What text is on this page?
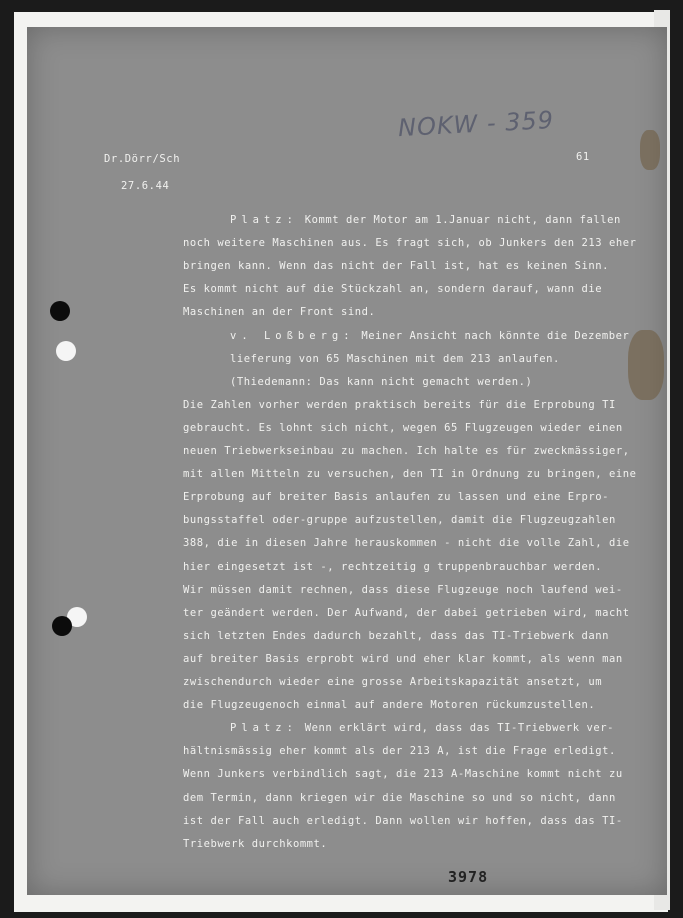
NOKW - 359
Dr.Dörr/Sch
27.6.44
61
Platz: Kommt der Motor am 1.Januar nicht, dann fallen
noch weitere Maschinen aus. Es fragt sich, ob Junkers den 213 eher
bringen kann. Wenn das nicht der Fall ist, hat es keinen Sinn.
Es kommt nicht auf die Stückzahl an, sondern darauf, wann die
Maschinen an der Front sind.
v. Loßberg: Meiner Ansicht nach könnte die Dezember
lieferung von 65 Maschinen mit dem 213 anlaufen.
(Thiedemann: Das kann nicht gemacht werden.)
Die Zahlen vorher werden praktisch bereits für die Erprobung TI
gebraucht. Es lohnt sich nicht, wegen 65 Flugzeugen wieder einen
neuen Triebwerkseinbau zu machen. Ich halte es für zweckmässiger,
mit allen Mitteln zu versuchen, den TI in Ordnung zu bringen, eine
Erprobung auf breiter Basis anlaufen zu lassen und eine Erpro-
bungsstaffel oder-gruppe aufzustellen, damit die Flugzeugzahlen
388, die in diesen Jahre herauskommen - nicht die volle Zahl, die
hier eingesetzt ist -, rechtzeitig g truppenbrauchbar werden.
Wir müssen damit rechnen, dass diese Flugzeuge noch laufend wei-
ter geändert werden. Der Aufwand, der dabei getrieben wird, macht
sich letzten Endes dadurch bezahlt, dass das TI-Triebwerk dann
auf breiter Basis erprobt wird und eher klar kommt, als wenn man
zwischendurch wieder eine grosse Arbeitskapazität ansetzt, um
die Flugzeugenoch einmal auf andere Motoren rückumzustellen.
Platz: Wenn erklärt wird, dass das TI-Triebwerk ver-
hältnismässig eher kommt als der 213 A, ist die Frage erledigt.
Wenn Junkers verbindlich sagt, die 213 A-Maschine kommt nicht zu
dem Termin, dann kriegen wir die Maschine so und so nicht, dann
ist der Fall auch erledigt. Dann wollen wir hoffen, dass das TI-
Triebwerk durchkommt.
3978
